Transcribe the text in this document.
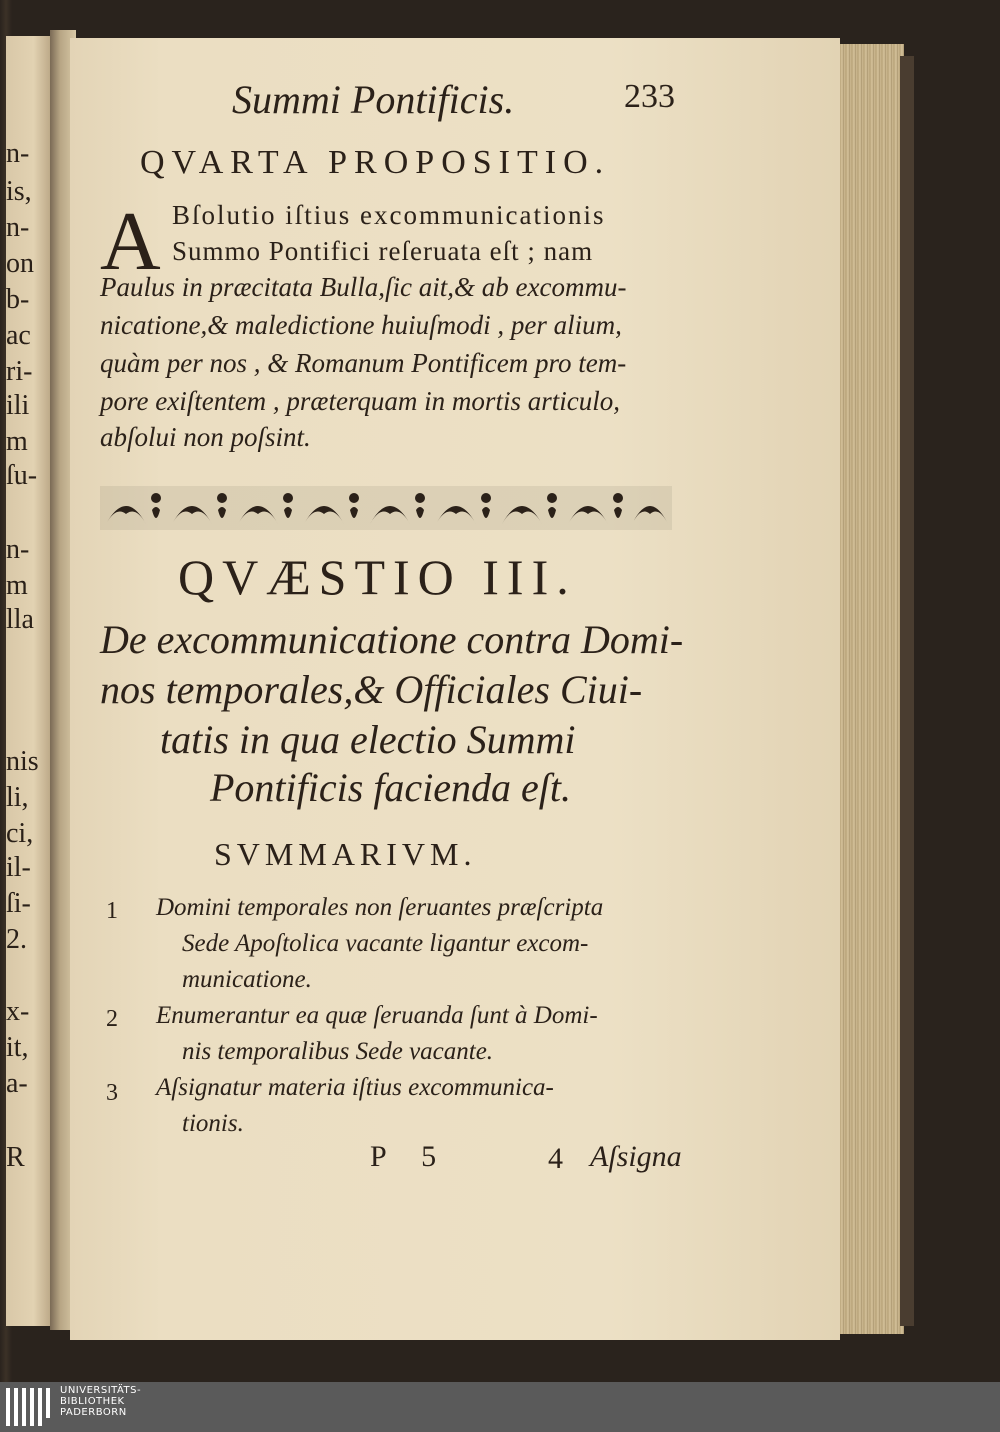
n-
is,
n-
on
b-
ac
ri-
ili
m
ſu-
n-
m
lla
nis
li,
ci,
il-
ſi-
2.
x-
it,
a-
R
Summi Pontificis.	233
QVARTA PROPOSITIO.
A Bſolutio iſtius excommunicationis
Summo Pontifici reſeruata eſt ; nam
Paulus in præcitata Bulla,ſic ait,& ab excommu-
nicatione,& maledictione huiuſmodi , per alium,
quàm per nos , & Romanum Pontificem pro tem-
pore exiſtentem , præterquam in mortis articulo,
abſolui non poſsint.
QVÆSTIO III.
De excommunicatione contra Domi-
nos temporales,& Officiales Ciui-
tatis in qua electio Summi
Pontificis facienda eſt.
SVMMARIVM.
1 Domini temporales non ſeruantes præſcripta
Sede Apoſtolica vacante ligantur excom-
municatione.
2 Enumerantur ea quæ ſeruanda ſunt à Domi-
nis temporalibus Sede vacante.
3 Aſsignatur materia iſtius excommunica-
tionis.
P 5	4 Aſsigna
UNIVERSITÄTS-
BIBLIOTHEK
PADERBORN
